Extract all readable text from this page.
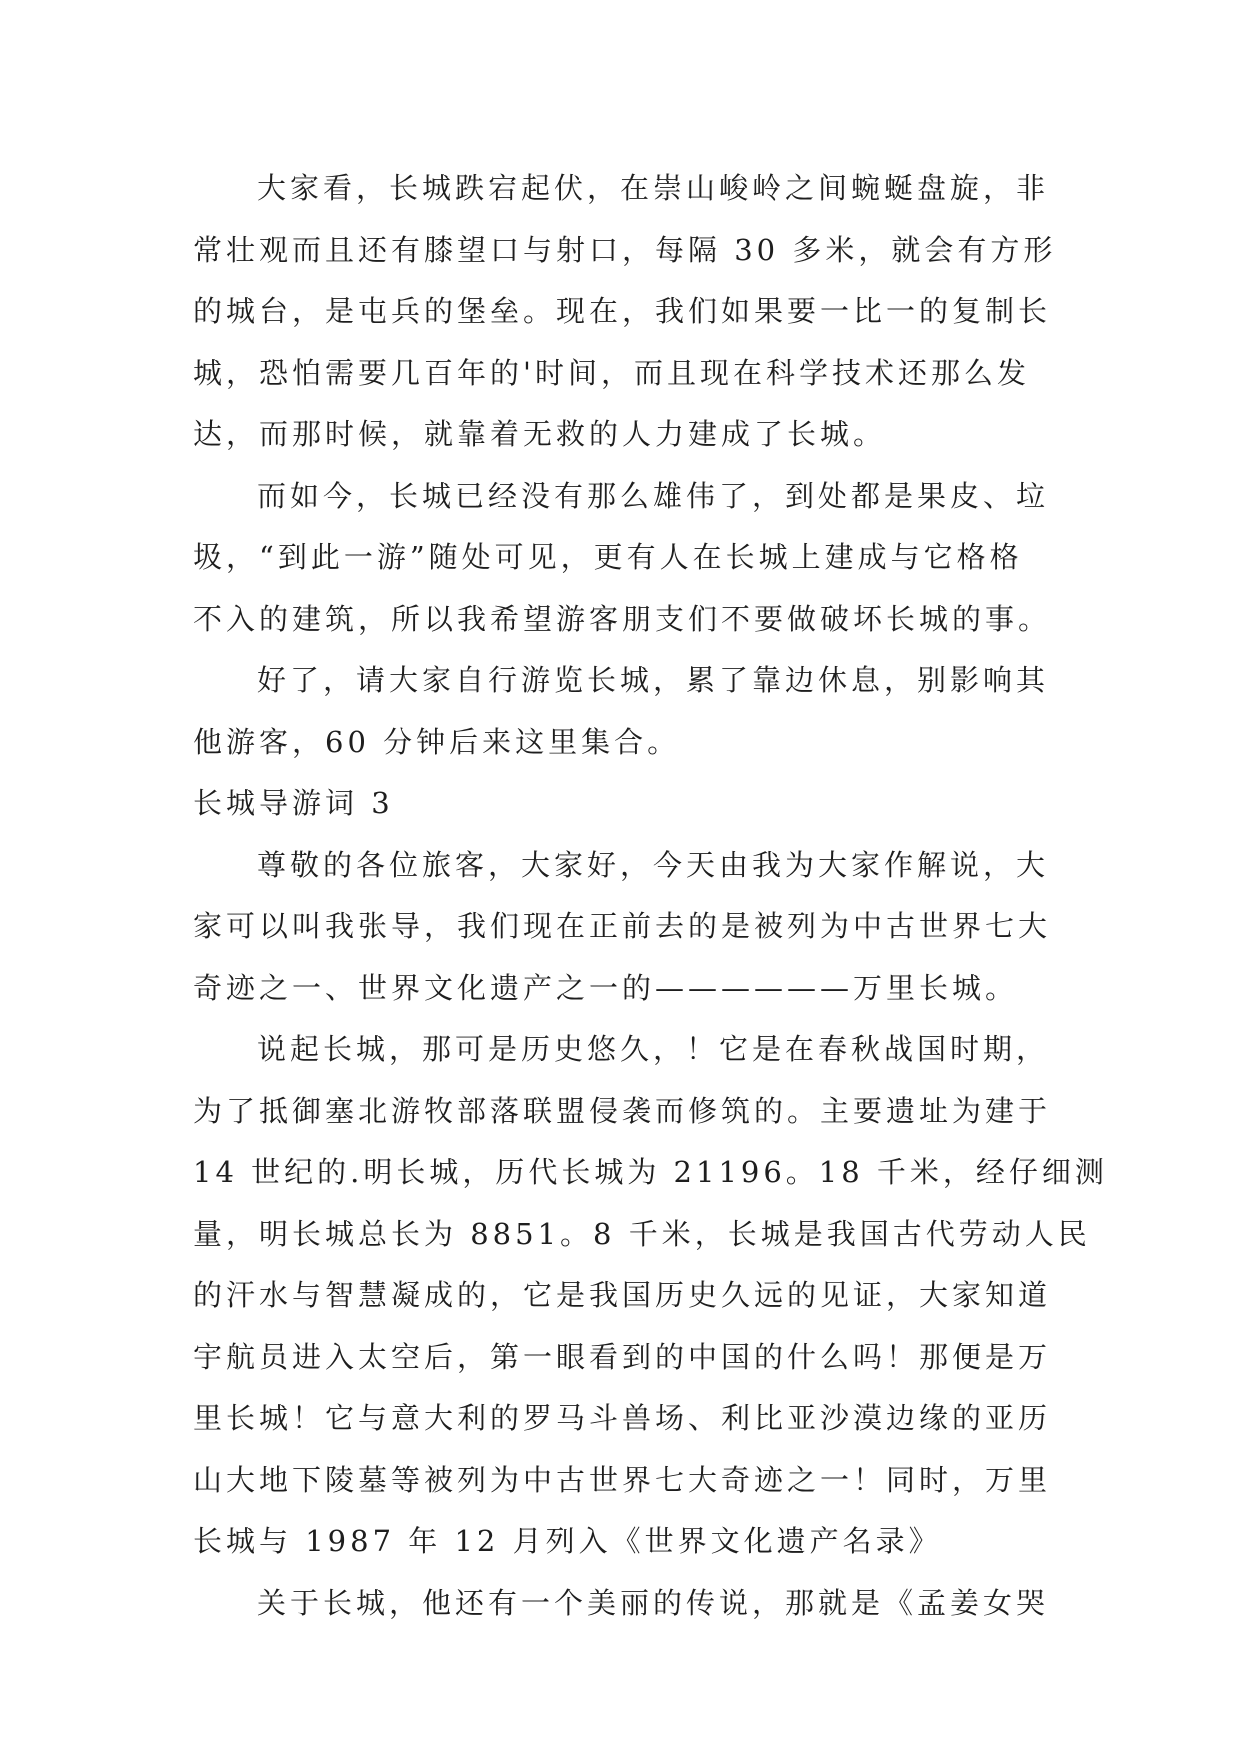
大家看，长城跌宕起伏，在崇山峻岭之间蜿蜒盘旋，非
常壮观而且还有膝望口与射口，每隔 30 多米，就会有方形
的城台，是屯兵的堡垒。现在，我们如果要一比一的复制长
城，恐怕需要几百年的'时间，而且现在科学技术还那么发
达，而那时候，就靠着无救的人力建成了长城。
而如今，长城已经没有那么雄伟了，到处都是果皮、垃
圾，“到此一游”随处可见，更有人在长城上建成与它格格
不入的建筑，所以我希望游客朋支们不要做破坏长城的事。
好了，请大家自行游览长城，累了靠边休息，别影响其
他游客，60 分钟后来这里集合。
长城导游词 3
尊敬的各位旅客，大家好，今天由我为大家作解说，大
家可以叫我张导，我们现在正前去的是被列为中古世界七大
奇迹之一、世界文化遗产之一的——————万里长城。
说起长城，那可是历史悠久，！它是在春秋战国时期，
为了抵御塞北游牧部落联盟侵袭而修筑的。主要遗址为建于
14 世纪的.明长城，历代长城为 21196。18 千米，经仔细测
量，明长城总长为 8851。8 千米，长城是我国古代劳动人民
的汗水与智慧凝成的，它是我国历史久远的见证，大家知道
宇航员进入太空后，第一眼看到的中国的什么吗！那便是万
里长城！它与意大利的罗马斗兽场、利比亚沙漠边缘的亚历
山大地下陵墓等被列为中古世界七大奇迹之一！同时，万里
长城与 1987 年 12 月列入《世界文化遗产名录》
关于长城，他还有一个美丽的传说，那就是《孟姜女哭
